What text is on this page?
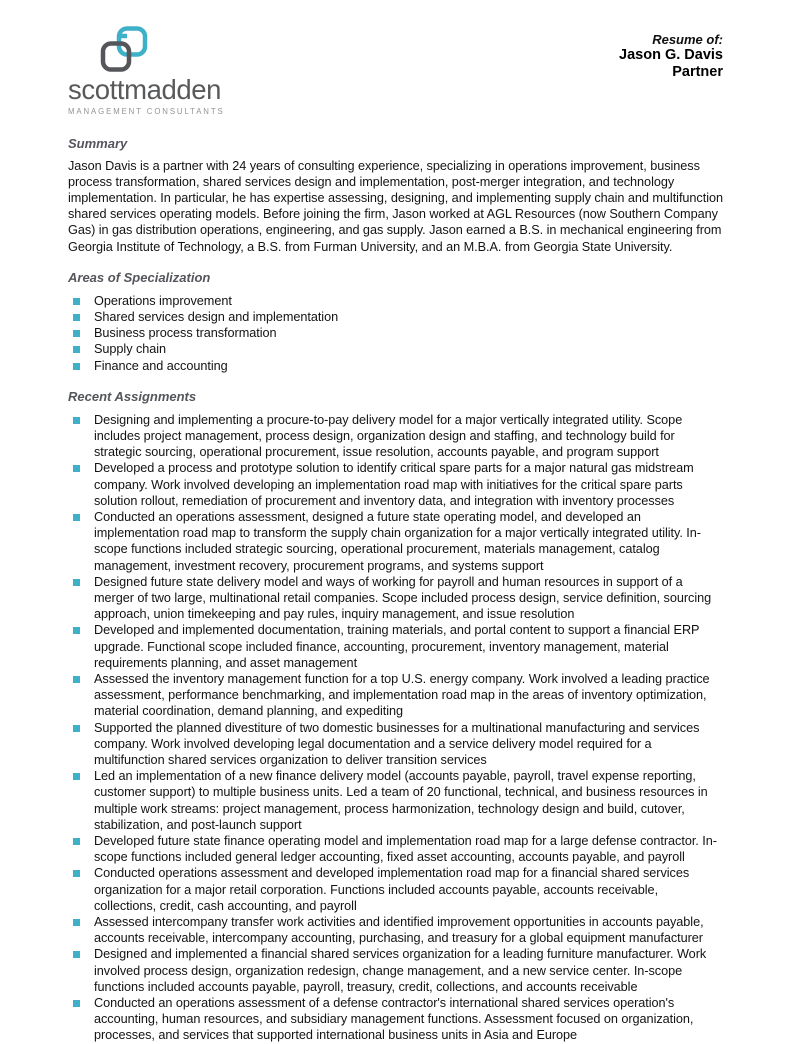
scottmadden
MANAGEMENT CONSULTANTS
Resume of:
Jason G. Davis
Partner
Summary

Jason Davis is a partner with 24 years of consulting experience, specializing in operations improvement, business process transformation, shared services design and implementation, post-merger integration, and technology implementation. In particular, he has expertise assessing, designing, and implementing supply chain and multifunction shared services operating models. Before joining the firm, Jason worked at AGL Resources (now Southern Company Gas) in gas distribution operations, engineering, and gas supply. Jason earned a B.S. in mechanical engineering from Georgia Institute of Technology, a B.S. from Furman University, and an M.B.A. from Georgia State University.

Areas of Specialization
Operations improvement
Shared services design and implementation
Business process transformation
Supply chain
Finance and accounting
Recent Assignments
Designing and implementing a procure-to-pay delivery model for a major vertically integrated utility. Scope includes project management, process design, organization design and staffing, and technology build for strategic sourcing, operational procurement, issue resolution, accounts payable, and program support
Developed a process and prototype solution to identify critical spare parts for a major natural gas midstream company. Work involved developing an implementation road map with initiatives for the critical spare parts solution rollout, remediation of procurement and inventory data, and integration with inventory processes
Conducted an operations assessment, designed a future state operating model, and developed an implementation road map to transform the supply chain organization for a major vertically integrated utility. In-scope functions included strategic sourcing, operational procurement, materials management, catalog management, investment recovery, procurement programs, and systems support
Designed future state delivery model and ways of working for payroll and human resources in support of a merger of two large, multinational retail companies. Scope included process design, service definition, sourcing approach, union timekeeping and pay rules, inquiry management, and issue resolution
Developed and implemented documentation, training materials, and portal content to support a financial ERP upgrade. Functional scope included finance, accounting, procurement, inventory management, material requirements planning, and asset management
Assessed the inventory management function for a top U.S. energy company. Work involved a leading practice assessment, performance benchmarking, and implementation road map in the areas of inventory optimization, material coordination, demand planning, and expediting
Supported the planned divestiture of two domestic businesses for a multinational manufacturing and services company. Work involved developing legal documentation and a service delivery model required for a multifunction shared services organization to deliver transition services
Led an implementation of a new finance delivery model (accounts payable, payroll, travel expense reporting, customer support) to multiple business units. Led a team of 20 functional, technical, and business resources in multiple work streams: project management, process harmonization, technology design and build, cutover, stabilization, and post-launch support
Developed future state finance operating model and implementation road map for a large defense contractor. In-scope functions included general ledger accounting, fixed asset accounting, accounts payable, and payroll
Conducted operations assessment and developed implementation road map for a financial shared services organization for a major retail corporation. Functions included accounts payable, accounts receivable, collections, credit, cash accounting, and payroll
Assessed intercompany transfer work activities and identified improvement opportunities in accounts payable, accounts receivable, intercompany accounting, purchasing, and treasury for a global equipment manufacturer
Designed and implemented a financial shared services organization for a leading furniture manufacturer. Work involved process design, organization redesign, change management, and a new service center. In-scope functions included accounts payable, payroll, treasury, credit, collections, and accounts receivable
Conducted an operations assessment of a defense contractor's international shared services operation's accounting, human resources, and subsidiary management functions. Assessment focused on organization, processes, and services that supported international business units in Asia and Europe
